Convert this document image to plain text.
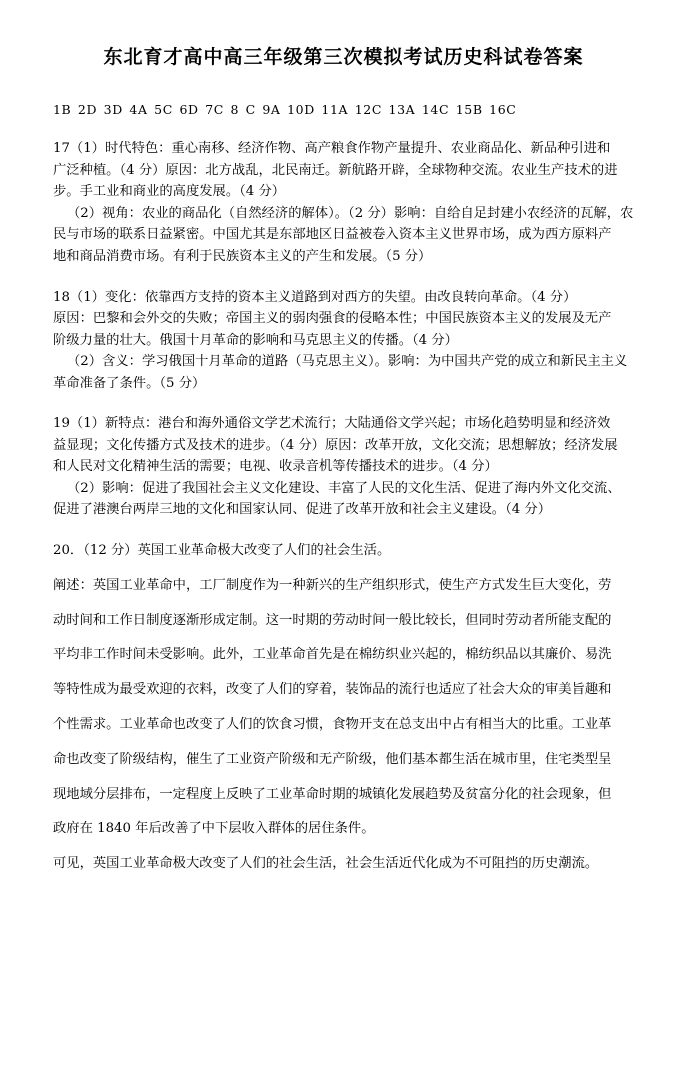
东北育才高中高三年级第三次模拟考试历史科试卷答案
1B 2D 3D 4A 5C 6D 7C 8 C 9A 10D 11A 12C 13A 14C 15B 16C

17（1）时代特色：重心南移、经济作物、高产粮食作物产量提升、农业商品化、新品种引进和

广泛种植。（4 分）原因：北方战乱，北民南迁。新航路开辟，全球物种交流。农业生产技术的进

步。手工业和商业的高度发展。（4 分）

（2）视角：农业的商品化（自然经济的解体）。（2 分）影响：自给自足封建小农经济的瓦解，农

民与市场的联系日益紧密。中国尤其是东部地区日益被卷入资本主义世界市场，成为西方原料产

地和商品消费市场。有利于民族资本主义的产生和发展。（5 分）

18（1）变化：依靠西方支持的资本主义道路到对西方的失望。由改良转向革命。（4 分）

原因：巴黎和会外交的失败；帝国主义的弱肉强食的侵略本性；中国民族资本主义的发展及无产

阶级力量的壮大。俄国十月革命的影响和马克思主义的传播。（4 分）

（2）含义：学习俄国十月革命的道路（马克思主义）。影响：为中国共产党的成立和新民主主义

革命准备了条件。（5 分）

19（1）新特点：港台和海外通俗文学艺术流行；大陆通俗文学兴起；市场化趋势明显和经济效

益显现；文化传播方式及技术的进步。（4 分）原因：改革开放，文化交流；思想解放；经济发展

和人民对文化精神生活的需要；电视、收录音机等传播技术的进步。（4 分）

（2）影响：促进了我国社会主义文化建设、丰富了人民的文化生活、促进了海内外文化交流、

促进了港澳台两岸三地的文化和国家认同、促进了改革开放和社会主义建设。（4 分）

20．（12 分）英国工业革命极大改变了人们的社会生活。

阐述：英国工业革命中，工厂制度作为一种新兴的生产组织形式，使生产方式发生巨大变化，劳

动时间和工作日制度逐渐形成定制。这一时期的劳动时间一般比较长，但同时劳动者所能支配的

平均非工作时间未受影响。此外，工业革命首先是在棉纺织业兴起的，棉纺织品以其廉价、易洗

等特性成为最受欢迎的衣料，改变了人们的穿着，装饰品的流行也适应了社会大众的审美旨趣和

个性需求。工业革命也改变了人们的饮食习惯，食物开支在总支出中占有相当大的比重。工业革

命也改变了阶级结构，催生了工业资产阶级和无产阶级，他们基本都生活在城市里，住宅类型呈

现地域分层排布，一定程度上反映了工业革命时期的城镇化发展趋势及贫富分化的社会现象，但

政府在 1840 年后改善了中下层收入群体的居住条件。

可见，英国工业革命极大改变了人们的社会生活，社会生活近代化成为不可阻挡的历史潮流。
